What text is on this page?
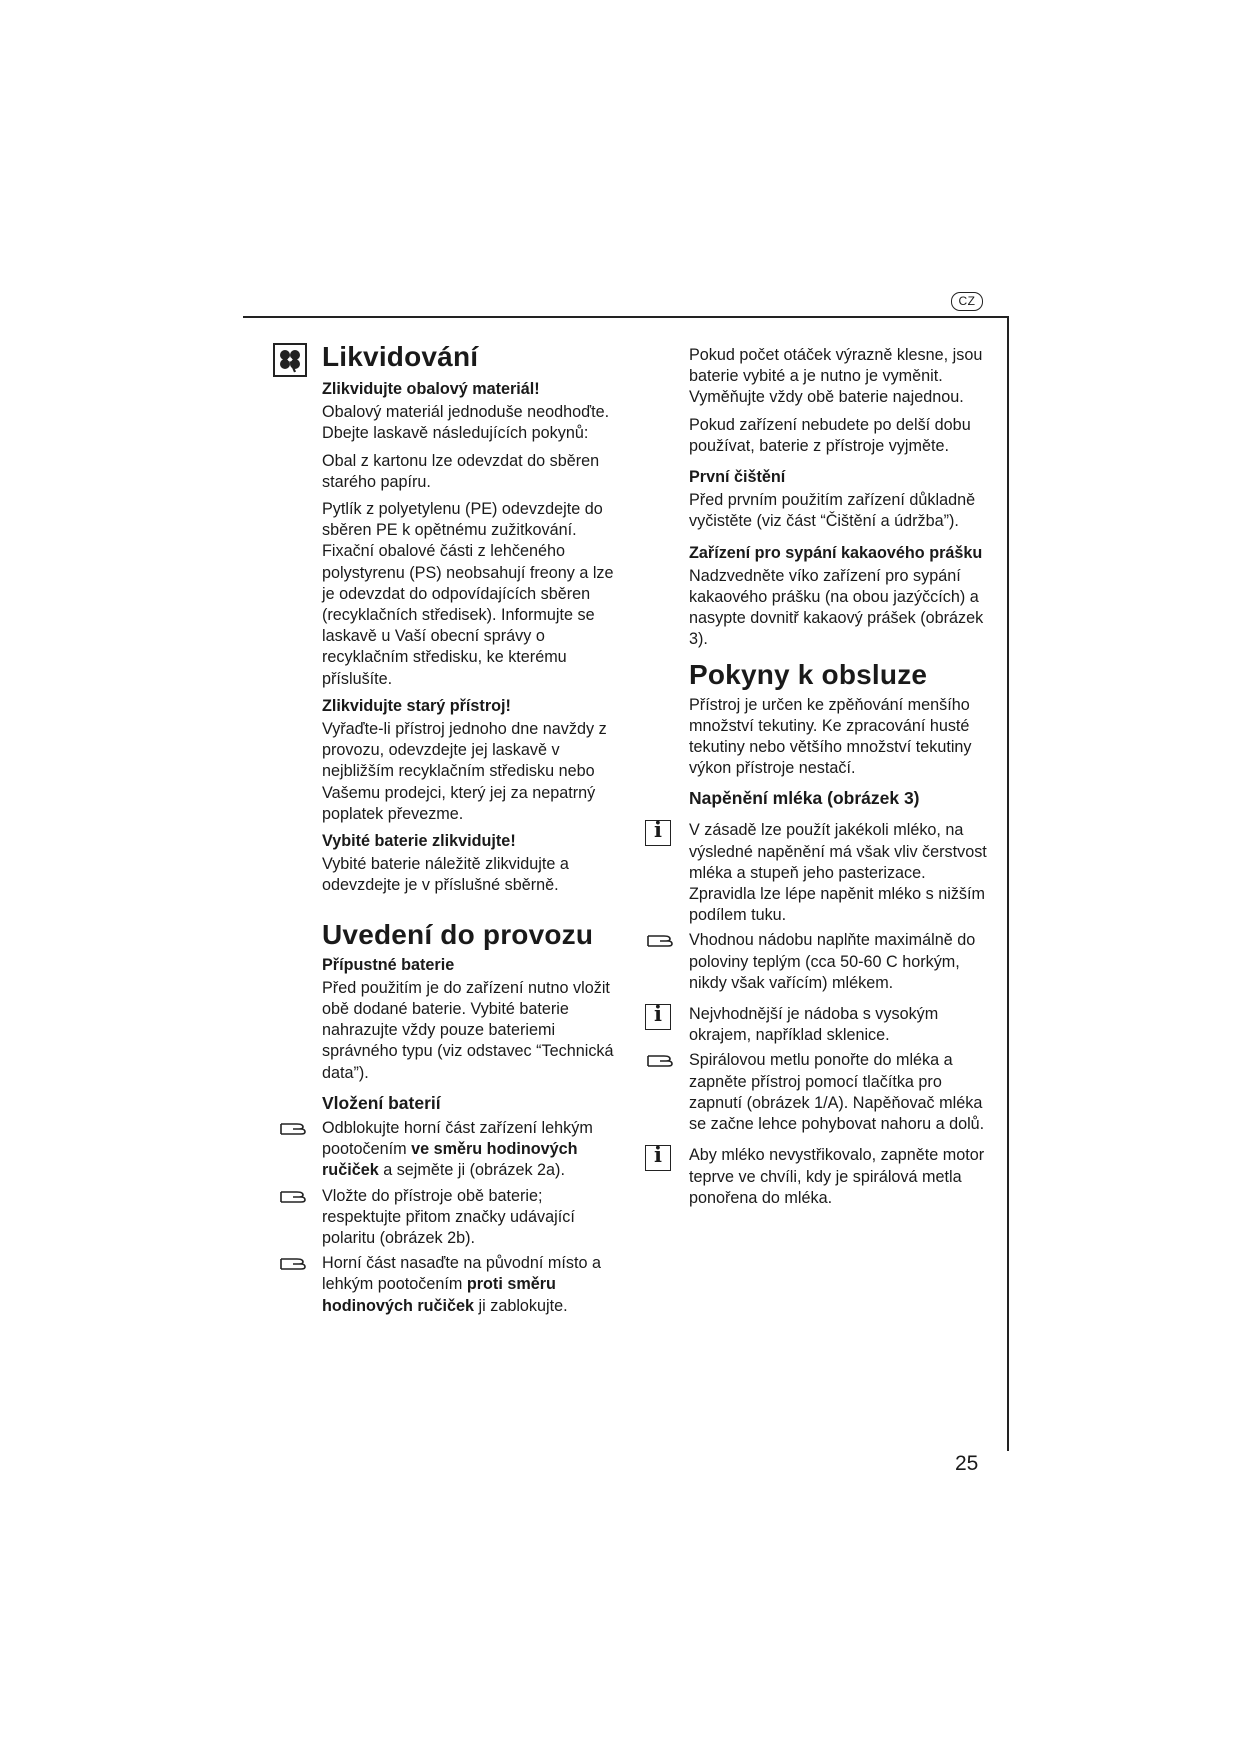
CZ
25
Likvidování
Zlikvidujte obalový materiál!

Obalový materiál jednoduše neodhoďte. Dbejte laskavě následujících pokynů:

Obal z kartonu lze odevzdat do sběren starého papíru.

Pytlík z polyetylenu (PE) odevzdejte do sběren PE k opětnému zužitkování. Fixační obalové části z lehčeného polystyrenu (PS) neobsahují freony a lze je odevzdat do odpovídajících sběren (recyklačních středisek). Informujte se laskavě u Vaší obecní správy o recyklačním středisku, ke kterému příslušíte.

Zlikvidujte starý přístroj!

Vyřaďte-li přístroj jednoho dne navždy z provozu, odevzdejte jej laskavě v nejbližším recyklačním středisku nebo Vašemu prodejci, který jej za nepatrný poplatek převezme.

Vybité baterie zlikvidujte!

Vybité baterie náležitě zlikvidujte a odevzdejte je v příslušné sběrně.

Uvedení do provozu
Přípustné baterie

Před použitím je do zařízení nutno vložit obě dodané baterie. Vybité baterie nahrazujte vždy pouze bateriemi správného typu (viz odstavec “Technická data”).

Vložení baterií

Odblokujte horní část zařízení lehkým pootočením ve směru hodinových ručiček a sejměte ji (obrázek 2a).

Vložte do přístroje obě baterie; respektujte přitom značky udávající polaritu (obrázek 2b).

Horní část nasaďte na původní místo a lehkým pootočením proti směru hodinových ručiček ji zablokujte.

Pokud počet otáček výrazně klesne, jsou baterie vybité a je nutno je vyměnit. Vyměňujte vždy obě baterie najednou.

Pokud zařízení nebudete po delší dobu používat, baterie z přístroje vyjměte.

První čištění

Před prvním použitím zařízení důkladně vyčistěte (viz část “Čištění a údržba”).

Zařízení pro sypání kakaového prášku

Nadzvedněte víko zařízení pro sypání kakaového prášku (na obou jazýčcích) a nasypte dovnitř kakaový prášek (obrázek 3).

Pokyny k obsluze

Přístroj je určen ke zpěňování menšího množství tekutiny. Ke zpracování husté tekutiny nebo většího množství tekutiny výkon přístroje nestačí.

Napěnění mléka (obrázek 3)
i	V zásadě lze použít jakékoli mléko, na výsledné napěnění má však vliv čerstvost mléka a stupeň jeho pasterizace. Zpravidla lze lépe napěnit mléko s nižším podílem tuku.

Vhodnou nádobu naplňte maximálně do poloviny teplým (cca 50-60 C horkým, nikdy však vařícím) mlékem.

i	Nejvhodnější je nádoba s vysokým okrajem, například sklenice.

Spirálovou metlu ponořte do mléka a zapněte přístroj pomocí tlačítka pro zapnutí (obrázek 1/A). Napěňovač mléka se začne lehce pohybovat nahoru a dolů.

i	Aby mléko nevystřikovalo, zapněte motor teprve ve chvíli, kdy je spirálová metla ponořena do mléka.
